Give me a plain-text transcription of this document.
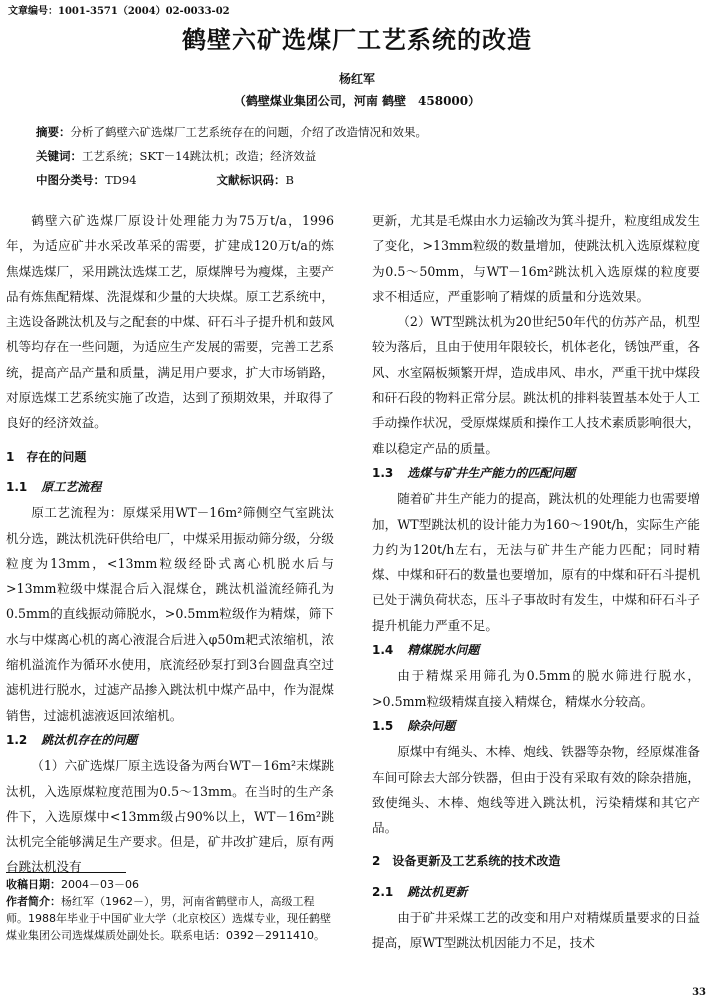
文章编号：1001-3571（2004）02-0033-02
鹤壁六矿选煤厂工艺系统的改造
杨红军
（鹤壁煤业集团公司，河南 鹤壁　458000）
摘要：分析了鹤壁六矿选煤厂工艺系统存在的问题，介绍了改造情况和效果。
关键词：工艺系统；SKT－14跳汰机；改造；经济效益
中图分类号：TD94	文献标识码：B

鹤壁六矿选煤厂原设计处理能力为75万t/a，1996年，为适应矿井水采改革采的需要，扩建成120万t/a的炼焦煤选煤厂，采用跳汰选煤工艺，原煤牌号为瘦煤，主要产品有炼焦配精煤、洗混煤和少量的大块煤。原工艺系统中，主选设备跳汰机及与之配套的中煤、矸石斗子提升机和鼓风机等均存在一些问题，为适应生产发展的需要，完善工艺系统，提高产品产量和质量，满足用户要求，扩大市场销路，对原选煤工艺系统实施了改造，达到了预期效果，并取得了良好的经济效益。

1　 存在的问题
1.1 原工艺流程

原工艺流程为：原煤采用WT－16m²筛侧空气室跳汰机分选，跳汰机洗矸供给电厂，中煤采用振动筛分级，分级粒度为13mm，<13mm粒级经卧式离心机脱水后与>13mm粒级中煤混合后入混煤仓，跳汰机溢流经筛孔为0.5mm的直线振动筛脱水，>0.5mm粒级作为精煤，筛下水与中煤离心机的离心液混合后进入φ50m耙式浓缩机，浓缩机溢流作为循环水使用，底流经砂泵打到3台圆盘真空过滤机进行脱水，过滤产品掺入跳汰机中煤产品中，作为混煤销售，过滤机滤液返回浓缩机。

1.2 跳汰机存在的问题

（1）六矿选煤厂原主选设备为两台WT－16m²末煤跳汰机，入选原煤粒度范围为0.5～13mm。在当时的生产条件下，入选原煤中<13mm级占90%以上，WT－16m²跳汰机完全能够满足生产要求。但是，矿井改扩建后，原有两台跳汰机没有

收稿日期：2004－03－06
作者简介：杨红军（1962－），男，河南省鹤壁市人，高级工程师。1988年毕业于中国矿业大学（北京校区）选煤专业，现任鹤壁煤业集团公司选煤煤质处副处长。联系电话：0392－2911410。

更新，尤其是毛煤由水力运输改为箕斗提升，粒度组成发生了变化，>13mm粒级的数量增加，使跳汰机入选原煤粒度为0.5～50mm，与WT－16m²跳汰机入选原煤的粒度要求不相适应，严重影响了精煤的质量和分选效果。

（2）WT型跳汰机为20世纪50年代的仿苏产品，机型较为落后，且由于使用年限较长，机体老化，锈蚀严重，各风、水室隔板频繁开焊，造成串风、串水，严重干扰中煤段和矸石段的物料正常分层。跳汰机的排料装置基本处于人工手动操作状况，受原煤煤质和操作工人技术素质影响很大，难以稳定产品的质量。

1.3 选煤与矿井生产能力的匹配问题

随着矿井生产能力的提高，跳汰机的处理能力也需要增加，WT型跳汰机的设计能力为160～190t/h，实际生产能力约为120t/h左右，无法与矿井生产能力匹配；同时精煤、中煤和矸石的数量也要增加，原有的中煤和矸石斗提机已处于满负荷状态，压斗子事故时有发生，中煤和矸石斗子提升机能力严重不足。

1.4 精煤脱水问题

由于精煤采用筛孔为0.5mm的脱水筛进行脱水，>0.5mm粒级精煤直接入精煤仓，精煤水分较高。

1.5 除杂问题

原煤中有绳头、木棒、炮线、铁器等杂物，经原煤准备车间可除去大部分铁器，但由于没有采取有效的除杂措施，致使绳头、木棒、炮线等进入跳汰机，污染精煤和其它产品。

2　 设备更新及工艺系统的技术改造
2.1 跳汰机更新

由于矿井采煤工艺的改变和用户对精煤质量要求的日益提高，原WT型跳汰机因能力不足，技术

33
